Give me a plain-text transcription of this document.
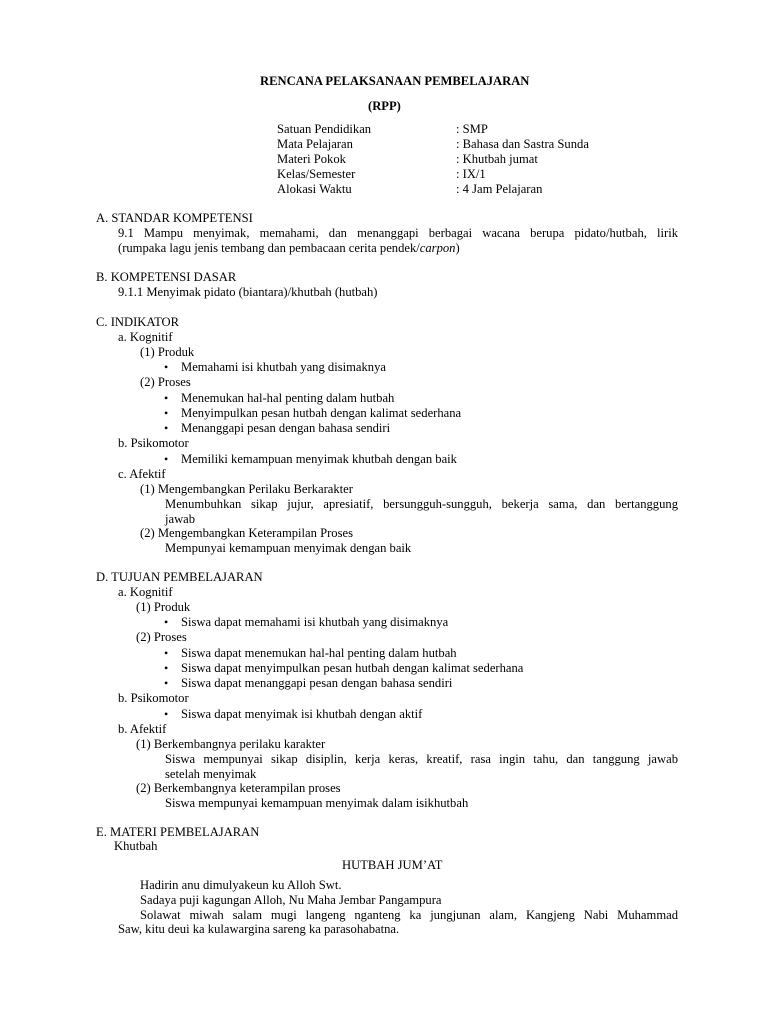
RENCANA PELAKSANAAN PEMBELAJARAN
(RPP)
Satuan Pendidikan	: SMP
Mata Pelajaran	: Bahasa dan Sastra Sunda
Materi Pokok	: Khutbah jumat
Kelas/Semester	: IX/1
Alokasi Waktu	: 4 Jam Pelajaran
A. STANDAR KOMPETENSI
9.1 Mampu menyimak, memahami, dan menanggapi berbagai wacana berupa pidato/hutbah, lirik
(rumpaka lagu jenis tembang dan pembacaan cerita pendek/carpon)
B. KOMPETENSI DASAR
9.1.1 Menyimak pidato (biantara)/khutbah (hutbah)
C. INDIKATOR
a. Kognitif
(1) Produk
• Memahami isi khutbah yang disimaknya
(2) Proses
• Menemukan hal-hal penting dalam hutbah
• Menyimpulkan pesan hutbah dengan kalimat sederhana
• Menanggapi pesan dengan bahasa sendiri
b. Psikomotor
• Memiliki kemampuan menyimak khutbah dengan baik
c. Afektif
(1) Mengembangkan Perilaku Berkarakter
Menumbuhkan sikap jujur, apresiatif, bersungguh-sungguh, bekerja sama, dan bertanggung
jawab
(2) Mengembangkan Keterampilan Proses
Mempunyai kemampuan menyimak dengan baik
D. TUJUAN PEMBELAJARAN
a. Kognitif
(1) Produk
• Siswa dapat memahami isi khutbah yang disimaknya
(2) Proses
• Siswa dapat menemukan hal-hal penting dalam hutbah
• Siswa dapat menyimpulkan pesan hutbah dengan kalimat sederhana
• Siswa dapat menanggapi pesan dengan bahasa sendiri
b. Psikomotor
• Siswa dapat menyimak isi khutbah dengan aktif
b. Afektif
(1) Berkembangnya perilaku karakter
Siswa mempunyai sikap disiplin, kerja keras, kreatif, rasa ingin tahu, dan tanggung jawab
setelah menyimak
(2) Berkembangnya keterampilan proses
Siswa mempunyai kemampuan menyimak dalam isikhutbah
E. MATERI PEMBELAJARAN
Khutbah
HUTBAH JUM’AT
Hadirin anu dimulyakeun ku Alloh Swt.
Sadaya puji kagungan Alloh, Nu Maha Jembar Pangampura
Solawat miwah salam mugi langeng nganteng ka jungjunan alam, Kangjeng Nabi Muhammad
Saw, kitu deui ka kulawargina sareng ka parasohabatna.
